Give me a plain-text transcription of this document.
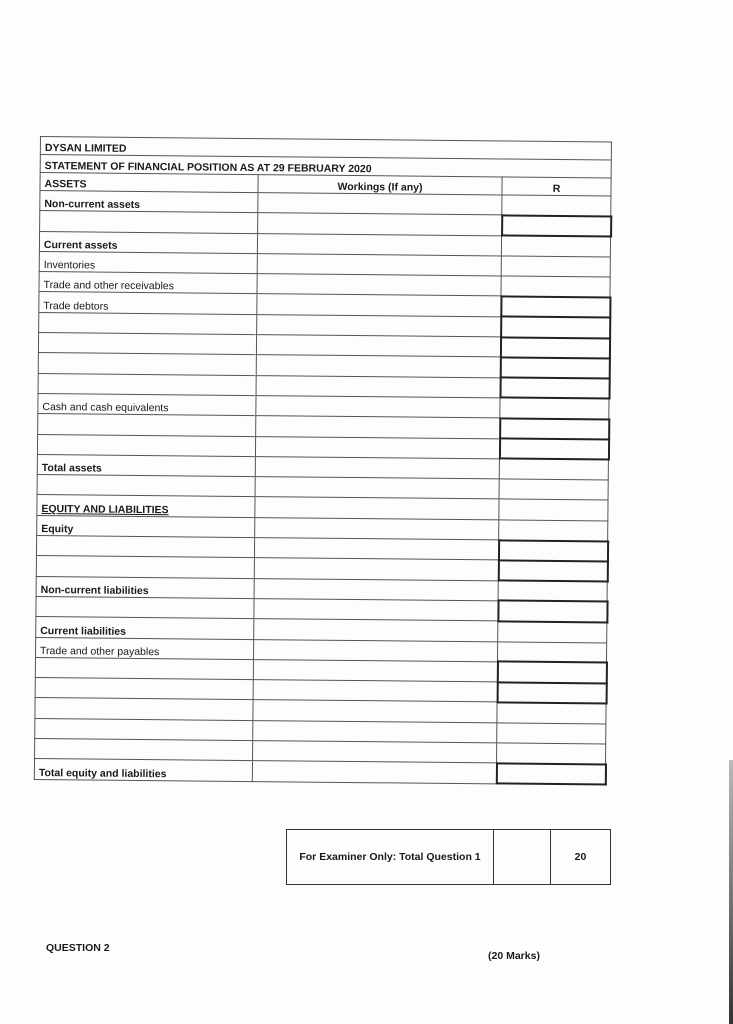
DYSAN LIMITED		
STATEMENT OF FINANCIAL POSITION AS AT 29 FEBRUARY 2020		
ASSETS	Workings (If any)	R
Non-current assets		

Current assets		
Inventories		
Trade and other receivables		
Trade debtors		

Cash and cash equivalents		

Total assets		

EQUITY AND LIABILITIES		
Equity		

Non-current liabilities		

Current liabilities		
Trade and other payables		

Total equity and liabilities		
For Examiner Only: Total Question 1		20
QUESTION 2
(20 Marks)
